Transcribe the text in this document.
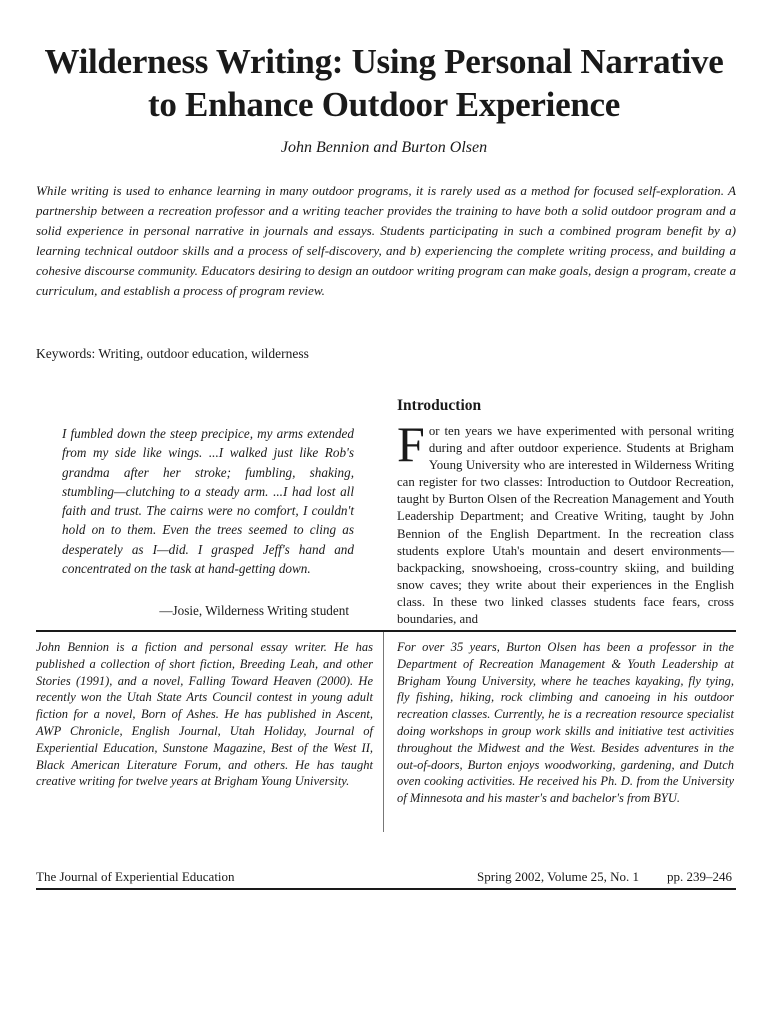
Wilderness Writing: Using Personal Narrative to Enhance Outdoor Experience
John Bennion and Burton Olsen

While writing is used to enhance learning in many outdoor programs, it is rarely used as a method for focused self-exploration. A partnership between a recreation professor and a writing teacher provides the training to have both a solid outdoor program and a solid experience in personal narrative in journals and essays. Students participating in such a combined program benefit by a) learning technical outdoor skills and a process of self-discovery, and b) experiencing the complete writing process, and building a cohesive discourse community. Educators desiring to design an outdoor writing program can make goals, design a program, create a curriculum, and establish a process of program review.

Keywords: Writing, outdoor education, wilderness

I fumbled down the steep precipice, my arms extended from my side like wings. ...I walked just like Rob's grandma after her stroke; fumbling, shaking, stumbling—clutching to a steady arm. ...I had lost all faith and trust. The cairns were no comfort, I couldn't hold on to them. Even the trees seemed to cling as desperately as I—did. I grasped Jeff's hand and concentrated on the task at hand-getting down.

—Josie, Wilderness Writing student
Introduction

For ten years we have experimented with personal writing during and after outdoor experience. Students at Brigham Young University who are interested in Wilderness Writing can register for two classes: Introduction to Outdoor Recreation, taught by Burton Olsen of the Recreation Management and Youth Leadership Department; and Creative Writing, taught by John Bennion of the English Department. In the recreation class students explore Utah's mountain and desert environments—backpacking, snowshoeing, cross-country skiing, and building snow caves; they write about their experiences in the English class. In these two linked classes students face fears, cross boundaries, and

John Bennion is a fiction and personal essay writer. He has published a collection of short fiction, Breeding Leah, and other Stories (1991), and a novel, Falling Toward Heaven (2000). He recently won the Utah State Arts Council contest in young adult fiction for a novel, Born of Ashes. He has published in Ascent, AWP Chronicle, English Journal, Utah Holiday, Journal of Experiential Education, Sunstone Magazine, Best of the West II, Black American Literature Forum, and others. He has taught creative writing for twelve years at Brigham Young University.

For over 35 years, Burton Olsen has been a professor in the Department of Recreation Management & Youth Leadership at Brigham Young University, where he teaches kayaking, fly tying, fly fishing, hiking, rock climbing and canoeing in his outdoor recreation classes. Currently, he is a recreation resource specialist doing workshops in group work skills and initiative test activities throughout the Midwest and the West. Besides adventures in the out-of-doors, Burton enjoys woodworking, gardening, and Dutch oven cooking activities. He received his Ph. D. from the University of Minnesota and his master's and bachelor's from BYU.

The Journal of Experiential Education	Spring 2002, Volume 25, No. 1 pp. 239–246
